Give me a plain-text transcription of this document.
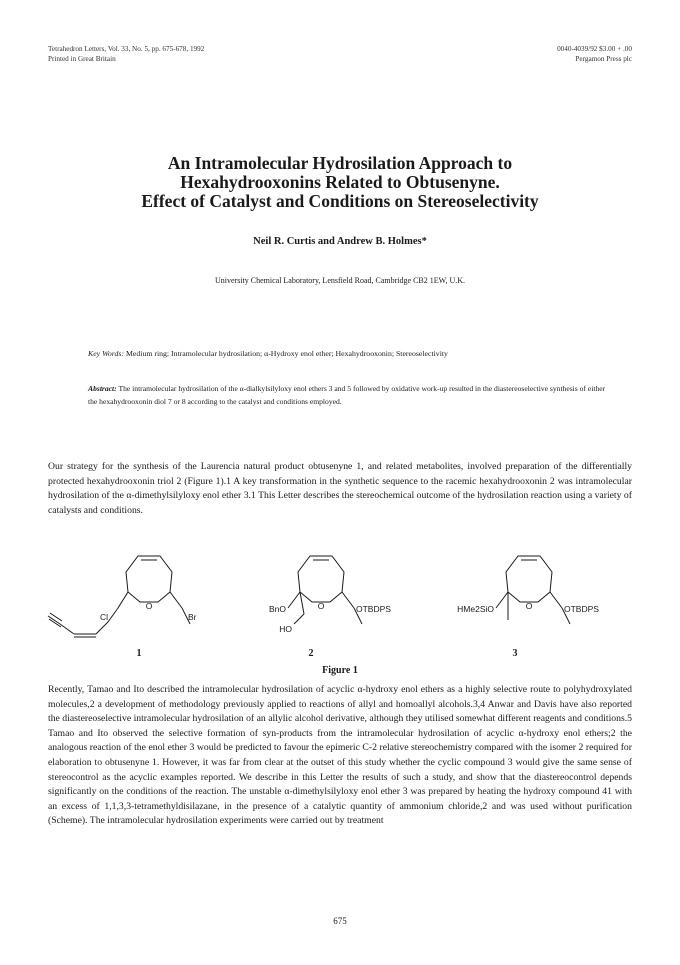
Tetrahedron Letters, Vol. 33, No. 5, pp. 675-678, 1992
Printed in Great Britain
0040-4039/92 $3.00 + .00
Pergamon Press plc
An Intramolecular Hydrosilation Approach to
Hexahydrooxonins Related to Obtusenyne.
Effect of Catalyst and Conditions on Stereoselectivity
Neil R. Curtis and Andrew B. Holmes*
University Chemical Laboratory, Lensfield Road, Cambridge CB2 1EW, U.K.
Key Words: Medium ring; Intramolecular hydrosilation; α-Hydroxy enol ether; Hexahydrooxonin; Stereoselectivity
Abstract: The intramolecular hydrosilation of the α-dialkylsilyloxy enol ethers 3 and 5 followed by oxidative work-up resulted in the diastereoselective synthesis of either the hexahydrooxonin diol 7 or 8 according to the catalyst and conditions employed.
Our strategy for the synthesis of the Laurencia natural product obtusenyne 1, and related metabolites, involved preparation of the differentially protected hexahydrooxonin triol 2 (Figure 1).1 A key transformation in the synthetic sequence to the racemic hexahydrooxonin 2 was intramolecular hydrosilation of the α-dimethylsilyloxy enol ether 3.1 This Letter describes the stereochemical outcome of the hydrosilation reaction using a variety of catalysts and conditions.
O
Cl	Br
1
O
BnO	OTBDPS
HO
2
O
HMe2SiO	OTBDPS
3
Figure 1
Recently, Tamao and Ito described the intramolecular hydrosilation of acyclic α-hydroxy enol ethers as a highly selective route to polyhydroxylated molecules,2 a development of methodology previously applied to reactions of allyl and homoallyl alcohols.3,4 Anwar and Davis have also reported the diastereoselective intramolecular hydrosilation of an allylic alcohol derivative, although they utilised somewhat different reagents and conditions.5 Tamao and Ito observed the selective formation of syn-products from the intramolecular hydrosilation of acyclic α-hydroxy enol ethers;2 the analogous reaction of the enol ether 3 would be predicted to favour the epimeric C-2 relative stereochemistry compared with the isomer 2 required for elaboration to obtusenyne 1. However, it was far from clear at the outset of this study whether the cyclic compound 3 would give the same sense of stereocontrol as the acyclic examples reported. We describe in this Letter the results of such a study, and show that the diastereocontrol depends significantly on the conditions of the reaction. The unstable α-dimethylsilyloxy enol ether 3 was prepared by heating the hydroxy compound 41 with an excess of 1,1,3,3-tetramethyldisilazane, in the presence of a catalytic quantity of ammonium chloride,2 and was used without purification (Scheme). The intramolecular hydrosilation experiments were carried out by treatment
675
